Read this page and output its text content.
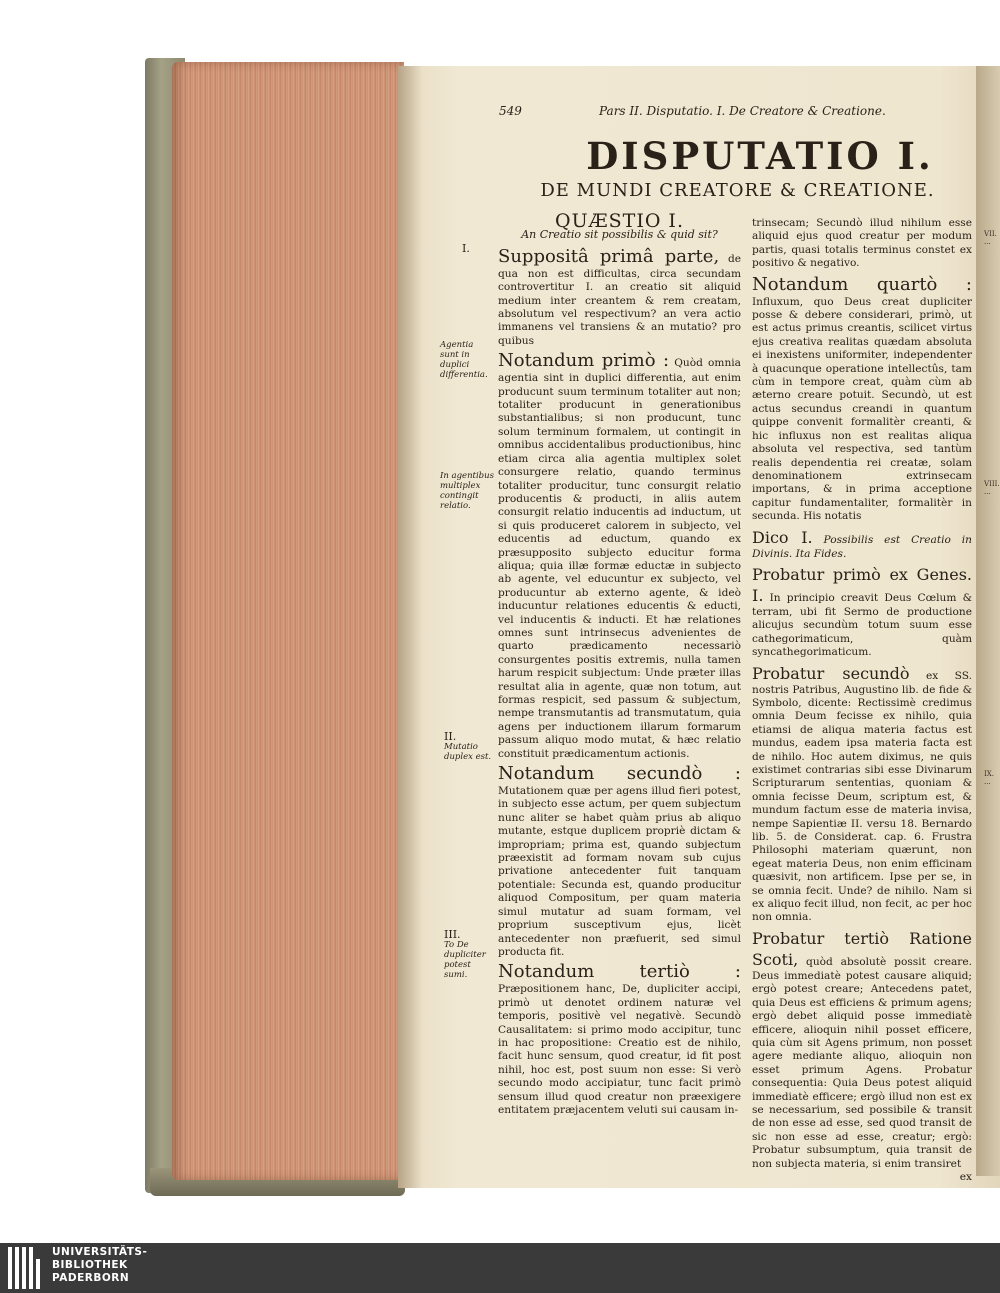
549	Pars II. Disputatio. I. De Creatore & Creatione.
DISPUTATIO I.
DE MUNDI CREATORE & CREATIONE.

QUÆSTIO I.

An Creatio sit possibilis & quid sit?

Suppositâ primâ parte, de qua non est difficultas, circa secundam controvertitur I. an creatio sit aliquid medium inter creantem & rem creatam, absolutum vel respectivum? an vera actio immanens vel transiens & an mutatio? pro quibus

Notandum primò : Quòd omnia agentia sint in duplici differentia, aut enim producunt suum terminum totaliter aut non; totaliter producunt in generationibus substantialibus; si non producunt, tunc solum terminum formalem, ut contingit in omnibus accidentalibus productionibus, hinc etiam circa alia agentia multiplex solet consurgere relatio, quando terminus totaliter producitur, tunc consurgit relatio producentis & producti, in aliis autem consurgit relatio inducentis ad inductum, ut si quis produceret calorem in subjecto, vel educentis ad eductum, quando ex præsupposito subjecto educitur forma aliqua; quia illæ formæ eductæ in subjecto ab agente, vel educuntur ex subjecto, vel producuntur ab externo agente, & ideò inducuntur relationes educentis & educti, vel inducentis & inducti. Et hæ relationes omnes sunt intrinsecus advenientes de quarto prædicamento necessariò consurgentes positis extremis, nulla tamen harum respicit subjectum: Unde præter illas resultat alia in agente, quæ non totum, aut formas respicit, sed passum & subjectum, nempe transmutantis ad transmutatum, quia agens per inductionem illarum formarum passum aliquo modo mutat, & hæc relatio constituit prædicamentum actionis.

Notandum secundò : Mutationem quæ per agens illud fieri potest, in subjecto esse actum, per quem subjectum nunc aliter se habet quàm prius ab aliquo mutante, estque duplicem propriè dictam & impropriam; prima est, quando subjectum præexistit ad formam novam sub cujus privatione antecedenter fuit tanquam potentiale: Secunda est, quando producitur aliquod Compositum, per quam materia simul mutatur ad suam formam, vel proprium susceptivum ejus, licèt antecedenter non præfuerit, sed simul producta fit.

Notandum tertiò : Præpositionem hanc, De, dupliciter accipi, primò ut denotet ordinem naturæ vel temporis, positivè vel negativè. Secundò Causalitatem: si primo modo accipitur, tunc in hac propositione: Creatio est de nihilo, facit hunc sensum, quod creatur, id fit post nihil, hoc est, post suum non esse: Si verò secundo modo accipiatur, tunc facit primò sensum illud quod creatur non præexigere entitatem præjacentem veluti sui causam in-

trinsecam; Secundò illud nihilum esse aliquid ejus quod creatur per modum partis, quasi totalis terminus constet ex positivo & negativo.

Notandum quartò : Influxum, quo Deus creat dupliciter posse & debere considerari, primò, ut est actus primus creantis, scilicet virtus ejus creativa realitas quædam absoluta ei inexistens uniformiter, independenter à quacunque operatione intellectûs, tam cùm in tempore creat, quàm cùm ab æterno creare potuit. Secundò, ut est actus secundus creandi in quantum quippe convenit formalitèr creanti, & hic influxus non est realitas aliqua absoluta vel respectiva, sed tantùm realis dependentia rei creatæ, solam denominationem extrinsecam importans, & in prima acceptione capitur fundamentaliter, formalitèr in secunda. His notatis

Dico I. Possibilis est Creatio in Divinis. Ita Fides.

Probatur primò ex Genes. I. In principio creavit Deus Cœlum & terram, ubi fit Sermo de productione alicujus secundùm totum suum esse cathegorimaticum, quàm syncathegorimaticum.

Probatur secundò ex SS. nostris Patribus, Augustino lib. de fide & Symbolo, dicente: Rectissimè credimus omnia Deum fecisse ex nihilo, quia etiamsi de aliqua materia factus est mundus, eadem ipsa materia facta est de nihilo. Hoc autem diximus, ne quis existimet contrarias sibi esse Divinarum Scripturarum sententias, quoniam & omnia fecisse Deum, scriptum est, & mundum factum esse de materia invisa, nempe Sapientiæ II. versu 18. Bernardo lib. 5. de Considerat. cap. 6. Frustra Philosophi materiam quærunt, non egeat materia Deus, non enim efficinam quæsivit, non artificem. Ipse per se, in se omnia fecit. Unde? de nihilo. Nam si ex aliquo fecit illud, non fecit, ac per hoc non omnia.

Probatur tertiò Ratione Scoti, quòd absolutè possit creare. Deus immediatè potest causare aliquid; ergò potest creare; Antecedens patet, quia Deus est efficiens & primum agens; ergò debet aliquid posse immediatè efficere, alioquin nihil posset efficere, quia cùm sit Agens primum, non posset agere mediante aliquo, alioquin non esset primum Agens. Probatur consequentia: Quia Deus potest aliquid immediatè efficere; ergò illud non est ex se necessarium, sed possibile & transit de non esse ad esse, sed quod transit de sic non esse ad esse, creatur; ergò: Probatur subsumptum, quia transit de non subjecta materia, si enim transiret

ex

I.
Agentia sunt in duplici differentia.
In agentibus multiplex contingit relatio.
II.
Mutatio duplex est.
III.
To De dupliciter potest sumi.
VII. ...
VIII. ...
IX. ...
UNIVERSITÄTS-
BIBLIOTHEK
PADERBORN
